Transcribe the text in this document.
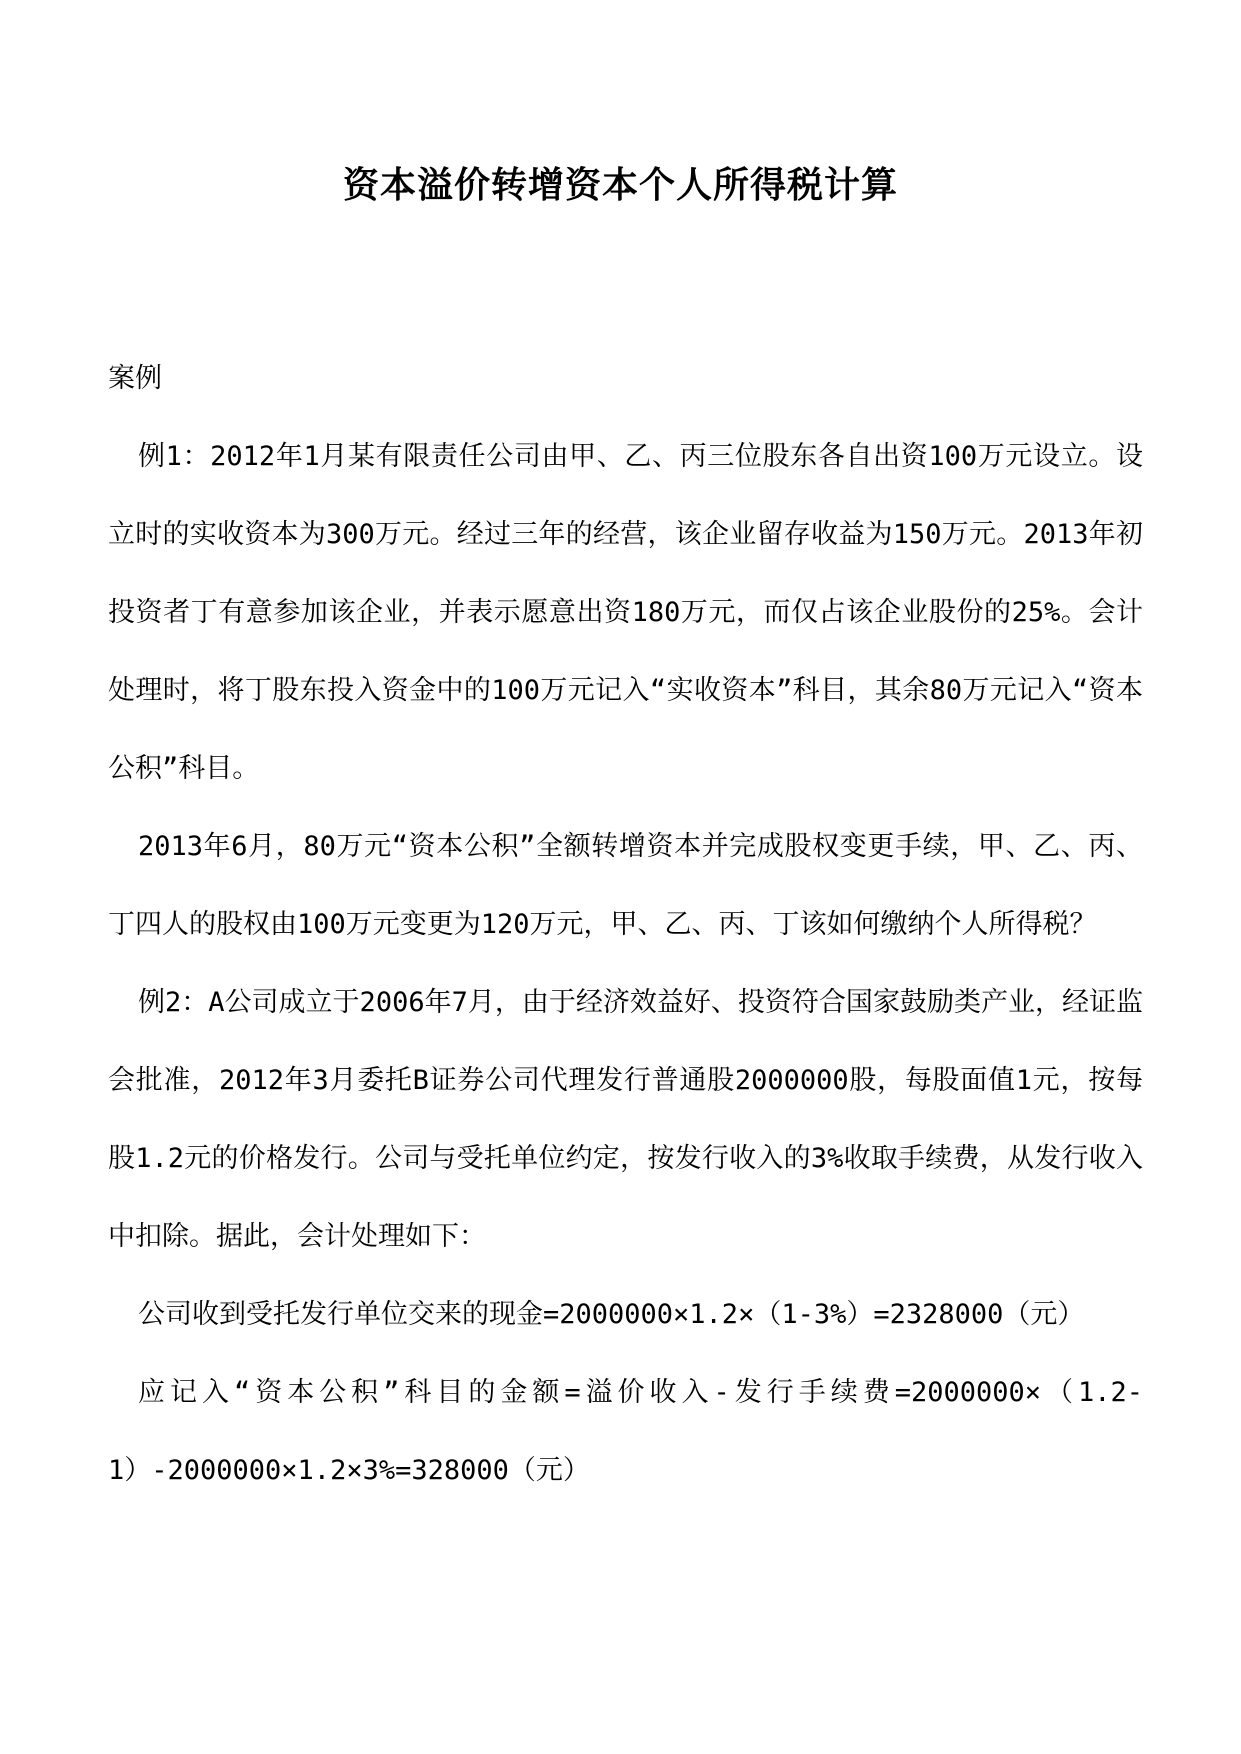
资本溢价转增资本个人所得税计算

案例

例1：2012年1月某有限责任公司由甲、乙、丙三位股东各自出资100万元设立。设立时的实收资本为300万元。经过三年的经营，该企业留存收益为150万元。2013年初投资者丁有意参加该企业，并表示愿意出资180万元，而仅占该企业股份的25%。会计处理时，将丁股东投入资金中的100万元记入“实收资本”科目，其余80万元记入“资本公积”科目。

2013年6月，80万元“资本公积”全额转增资本并完成股权变更手续，甲、乙、丙、丁四人的股权由100万元变更为120万元，甲、乙、丙、丁该如何缴纳个人所得税？

例2：A公司成立于2006年7月，由于经济效益好、投资符合国家鼓励类产业，经证监会批准，2012年3月委托B证券公司代理发行普通股2000000股，每股面值1元，按每股1.2元的价格发行。公司与受托单位约定，按发行收入的3%收取手续费，从发行收入中扣除。据此，会计处理如下：

公司收到受托发行单位交来的现金=2000000×1.2×（1-3%）=2328000（元）

应记入“资本公积”科目的金额=溢价收入-发行手续费=2000000×（1.2-1）-2000000×1.2×3%=328000（元）
